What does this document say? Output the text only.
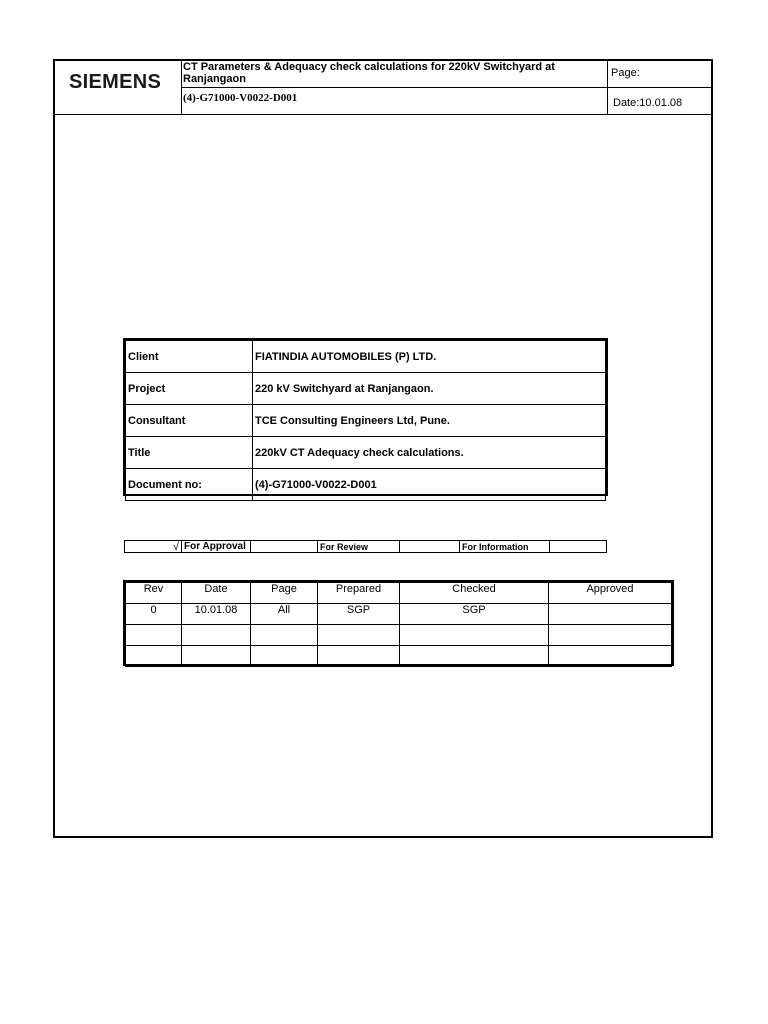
SIEMENS
CT Parameters & Adequacy check calculations for 220kV Switchyard at Ranjangaon
(4)-G71000-V0022-D001
Page:
Date:10.01.08
Client	FIATINDIA AUTOMOBILES (P) LTD.
Project	220 kV Switchyard at Ranjangaon.
Consultant	TCE Consulting Engineers Ltd, Pune.
Title	220kV CT Adequacy check calculations.
Document no:	(4)-G71000-V0022-D001
√ For Approval	For Review	For Information
Rev	Date	Page	Prepared	Checked	Approved
0	10.01.08	All	SGP	SGP	
